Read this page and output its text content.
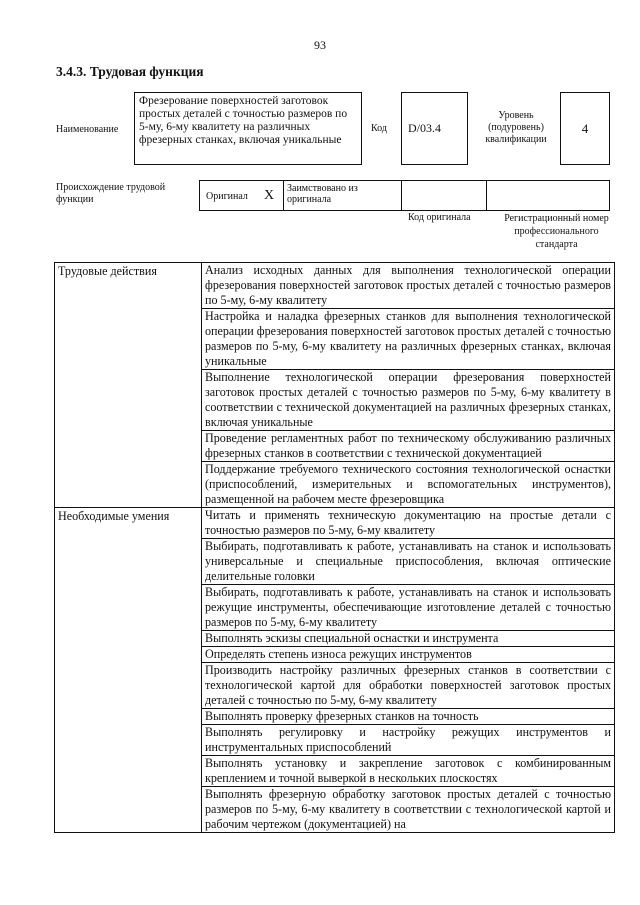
93
3.4.3. Трудовая функция
Наименование
Фрезерование поверхностей заготовок простых деталей с точностью размеров по 5-му, 6-му квалитету на различных фрезерных станках, включая уникальные
Код	D/03.4
Уровень (подуровень) квалификации
4
Происхождение трудовой функции	Оригинал X	Заимствовано из оригинала
Код оригинала	Регистрационный номер профессионального стандарта
Трудовые действия	Анализ исходных данных для выполнения технологической операции фрезерования поверхностей заготовок простых деталей с точностью размеров по 5-му, 6-му квалитету
	Настройка и наладка фрезерных станков для выполнения технологической операции фрезерования поверхностей заготовок простых деталей с точностью размеров по 5-му, 6-му квалитету на различных фрезерных станках, включая уникальные
	Выполнение технологической операции фрезерования поверхностей заготовок простых деталей с точностью размеров по 5-му, 6-му квалитету в соответствии с технической документацией на различных фрезерных станках, включая уникальные
	Проведение регламентных работ по техническому обслуживанию различных фрезерных станков в соответствии с технической документацией
	Поддержание требуемого технического состояния технологической оснастки (приспособлений, измерительных и вспомогательных инструментов), размещенной на рабочем месте фрезеровщика
Необходимые умения	Читать и применять техническую документацию на простые детали с точностью размеров по 5-му, 6-му квалитету
	Выбирать, подготавливать к работе, устанавливать на станок и использовать универсальные и специальные приспособления, включая оптические делительные головки
	Выбирать, подготавливать к работе, устанавливать на станок и использовать режущие инструменты, обеспечивающие изготовление деталей с точностью размеров по 5-му, 6-му квалитету
	Выполнять эскизы специальной оснастки и инструмента
	Определять степень износа режущих инструментов
	Производить настройку различных фрезерных станков в соответствии с технологической картой для обработки поверхностей заготовок простых деталей с точностью по 5-му, 6-му квалитету
	Выполнять проверку фрезерных станков на точность
	Выполнять регулировку и настройку режущих инструментов и инструментальных приспособлений
	Выполнять установку и закрепление заготовок с комбинированным креплением и точной выверкой в нескольких плоскостях
	Выполнять фрезерную обработку заготовок простых деталей с точностью размеров по 5-му, 6-му квалитету в соответствии с технологической картой и рабочим чертежом (документацией) на
